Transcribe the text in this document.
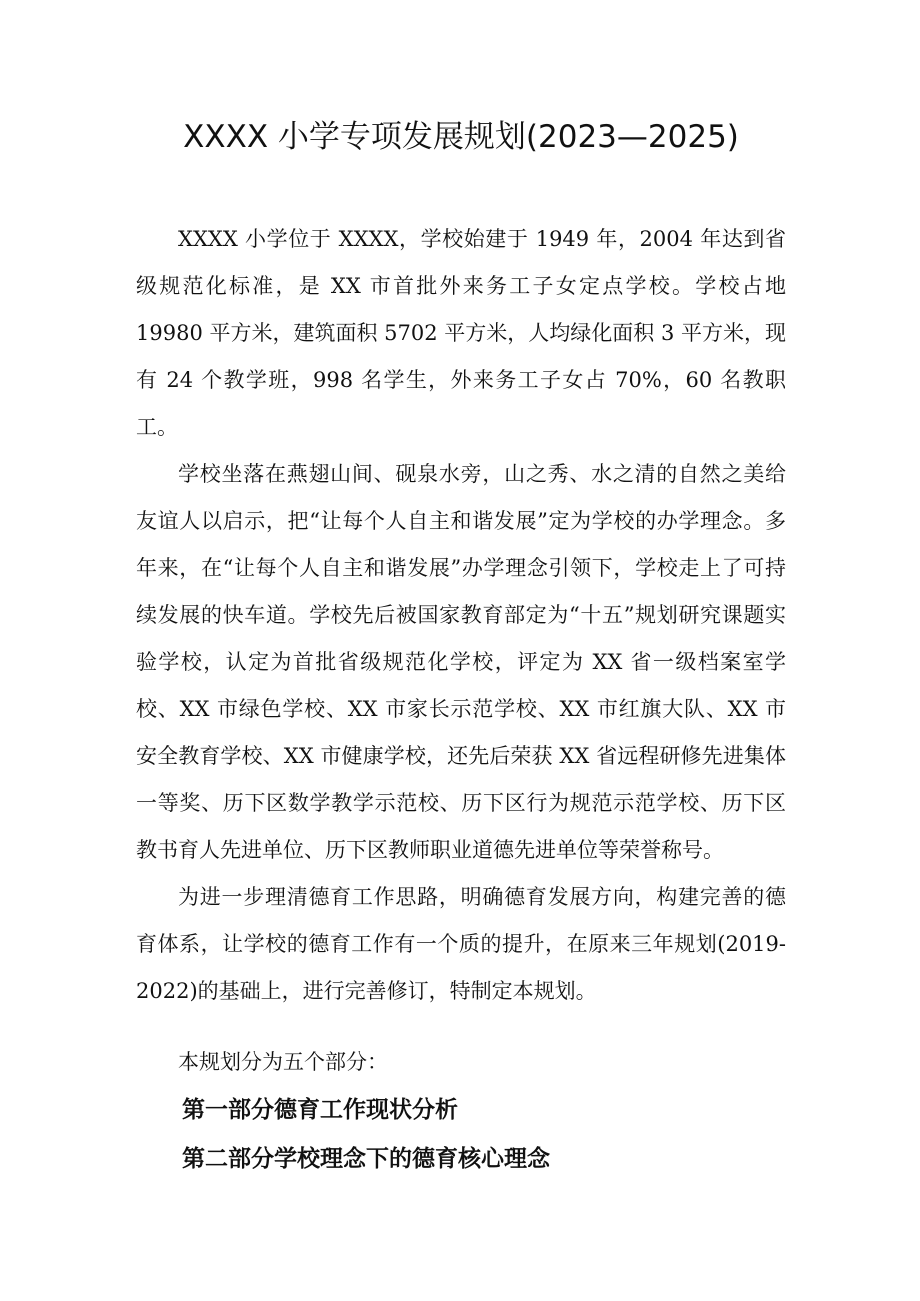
XXXX 小学专项发展规划(2023—2025)

XXXX 小学位于 XXXX，学校始建于 1949 年，2004 年达到省级规范化标准，是 XX 市首批外来务工子女定点学校。学校占地 19980 平方米，建筑面积 5702 平方米，人均绿化面积 3 平方米，现有 24 个教学班，998 名学生，外来务工子女占 70%，60 名教职工。

学校坐落在燕翅山间、砚泉水旁，山之秀、水之清的自然之美给友谊人以启示，把“让每个人自主和谐发展”定为学校的办学理念。多年来，在“让每个人自主和谐发展”办学理念引领下，学校走上了可持续发展的快车道。学校先后被国家教育部定为“十五”规划研究课题实验学校，认定为首批省级规范化学校，评定为 XX 省一级档案室学校、XX 市绿色学校、XX 市家长示范学校、XX 市红旗大队、XX 市安全教育学校、XX 市健康学校，还先后荣获 XX 省远程研修先进集体一等奖、历下区数学教学示范校、历下区行为规范示范学校、历下区教书育人先进单位、历下区教师职业道德先进单位等荣誉称号。

为进一步理清德育工作思路，明确德育发展方向，构建完善的德育体系，让学校的德育工作有一个质的提升，在原来三年规划(2019-2022)的基础上，进行完善修订，特制定本规划。

本规划分为五个部分：

第一部分德育工作现状分析
第二部分学校理念下的德育核心理念
